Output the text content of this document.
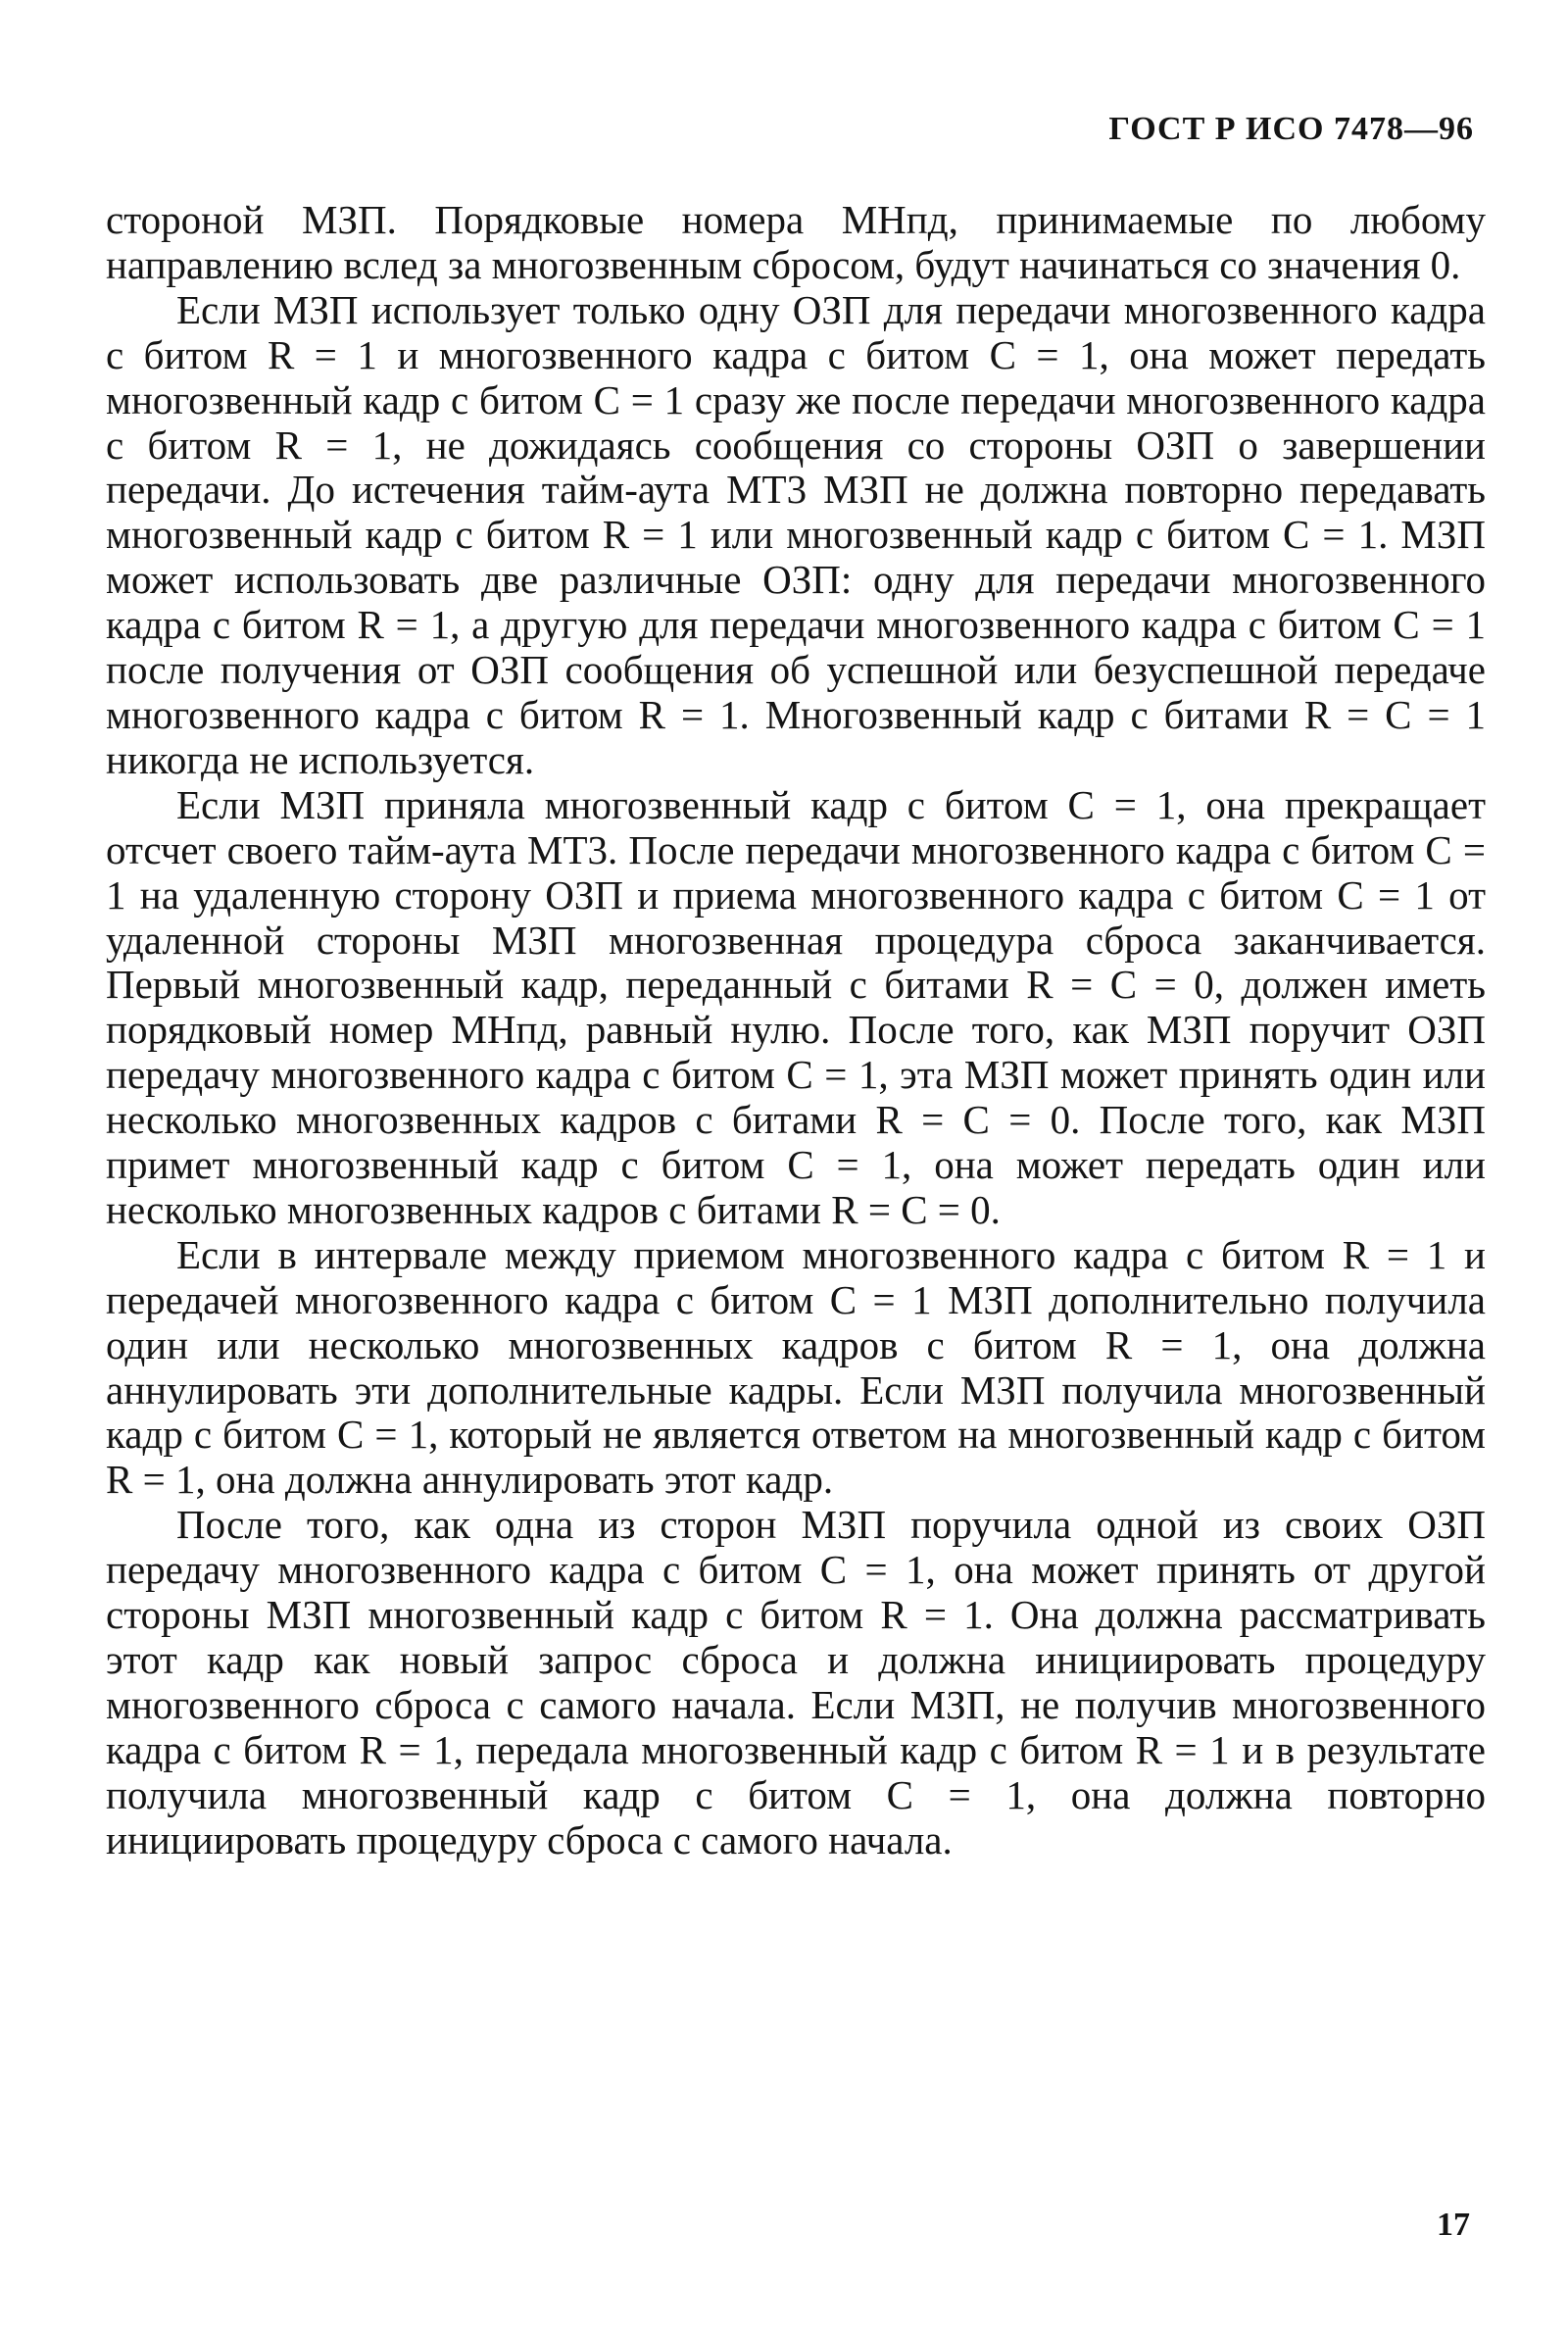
ГОСТ Р ИСО 7478—96

стороной МЗП. Порядковые номера МНпд, принимаемые по любому направлению вслед за многозвенным сбросом, будут начинаться со значения 0.

Если МЗП использует только одну ОЗП для передачи многозвенного кадра с битом R = 1 и многозвенного кадра с битом C = 1, она может передать многозвенный кадр с битом C = 1 сразу же после передачи многозвенного кадра с битом R = 1, не дожидаясь сообщения со стороны ОЗП о завершении передачи. До истечения тайм-аута МТ3 МЗП не должна повторно передавать многозвенный кадр с битом R = 1 или многозвенный кадр с битом C = 1. МЗП может использовать две различные ОЗП: одну для передачи многозвенного кадра с битом R = 1, а другую для передачи многозвенного кадра с битом C = 1 после получения от ОЗП сообщения об успешной или безуспешной передаче многозвенного кадра с битом R = 1. Многозвенный кадр с битами R = C = 1 никогда не используется.

Если МЗП приняла многозвенный кадр с битом C = 1, она прекращает отсчет своего тайм-аута МТ3. После передачи многозвенного кадра с битом C = 1 на удаленную сторону ОЗП и приема многозвенного кадра с битом C = 1 от удаленной стороны МЗП многозвенная процедура сброса заканчивается. Первый многозвенный кадр, переданный с битами R = C = 0, должен иметь порядковый номер МНпд, равный нулю. После того, как МЗП поручит ОЗП передачу многозвенного кадра с битом C = 1, эта МЗП может принять один или несколько многозвенных кадров с битами R = C = 0. После того, как МЗП примет многозвенный кадр с битом C = 1, она может передать один или несколько многозвенных кадров с битами R = C = 0.

Если в интервале между приемом многозвенного кадра с битом R = 1 и передачей многозвенного кадра с битом C = 1 МЗП дополнительно получила один или несколько многозвенных кадров с битом R = 1, она должна аннулировать эти дополнительные кадры. Если МЗП получила многозвенный кадр с битом C = 1, который не является ответом на многозвенный кадр с битом R = 1, она должна аннулировать этот кадр.

После того, как одна из сторон МЗП поручила одной из своих ОЗП передачу многозвенного кадра с битом C = 1, она может принять от другой стороны МЗП многозвенный кадр с битом R = 1. Она должна рассматривать этот кадр как новый запрос сброса и должна инициировать процедуру многозвенного сброса с самого начала. Если МЗП, не получив многозвенного кадра с битом R = 1, передала многозвенный кадр с битом R = 1 и в результате получила многозвенный кадр с битом C = 1, она должна повторно инициировать процедуру сброса с самого начала.

17
